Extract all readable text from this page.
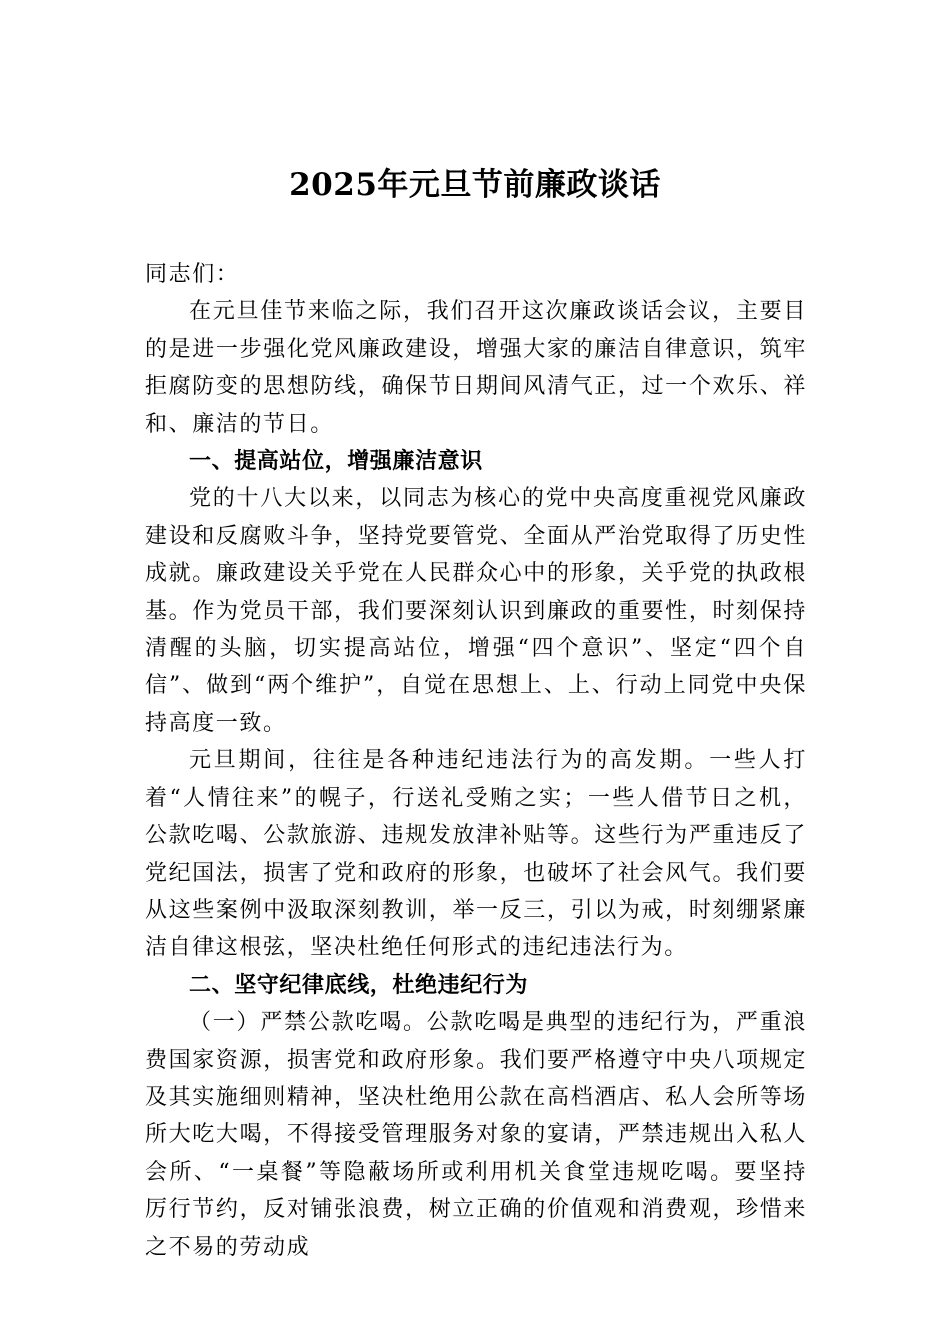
2025年元旦节前廉政谈话

同志们：

在元旦佳节来临之际，我们召开这次廉政谈话会议，主要目的是进一步强化党风廉政建设，增强大家的廉洁自律意识，筑牢拒腐防变的思想防线，确保节日期间风清气正，过一个欢乐、祥和、廉洁的节日。

一、提高站位，增强廉洁意识

党的十八大以来，以同志为核心的党中央高度重视党风廉政建设和反腐败斗争，坚持党要管党、全面从严治党取得了历史性成就。廉政建设关乎党在人民群众心中的形象，关乎党的执政根基。作为党员干部，我们要深刻认识到廉政的重要性，时刻保持清醒的头脑，切实提高站位，增强“四个意识”、坚定“四个自信”、做到“两个维护”，自觉在思想上、上、行动上同党中央保持高度一致。

元旦期间，往往是各种违纪违法行为的高发期。一些人打着“人情往来”的幌子，行送礼受贿之实；一些人借节日之机，公款吃喝、公款旅游、违规发放津补贴等。这些行为严重违反了党纪国法，损害了党和政府的形象，也破坏了社会风气。我们要从这些案例中汲取深刻教训，举一反三，引以为戒，时刻绷紧廉洁自律这根弦，坚决杜绝任何形式的违纪违法行为。

二、坚守纪律底线，杜绝违纪行为

（一）严禁公款吃喝。公款吃喝是典型的违纪行为，严重浪费国家资源，损害党和政府形象。我们要严格遵守中央八项规定及其实施细则精神，坚决杜绝用公款在高档酒店、私人会所等场所大吃大喝，不得接受管理服务对象的宴请，严禁违规出入私人会所、“一桌餐”等隐蔽场所或利用机关食堂违规吃喝。要坚持厉行节约，反对铺张浪费，树立正确的价值观和消费观，珍惜来之不易的劳动成
